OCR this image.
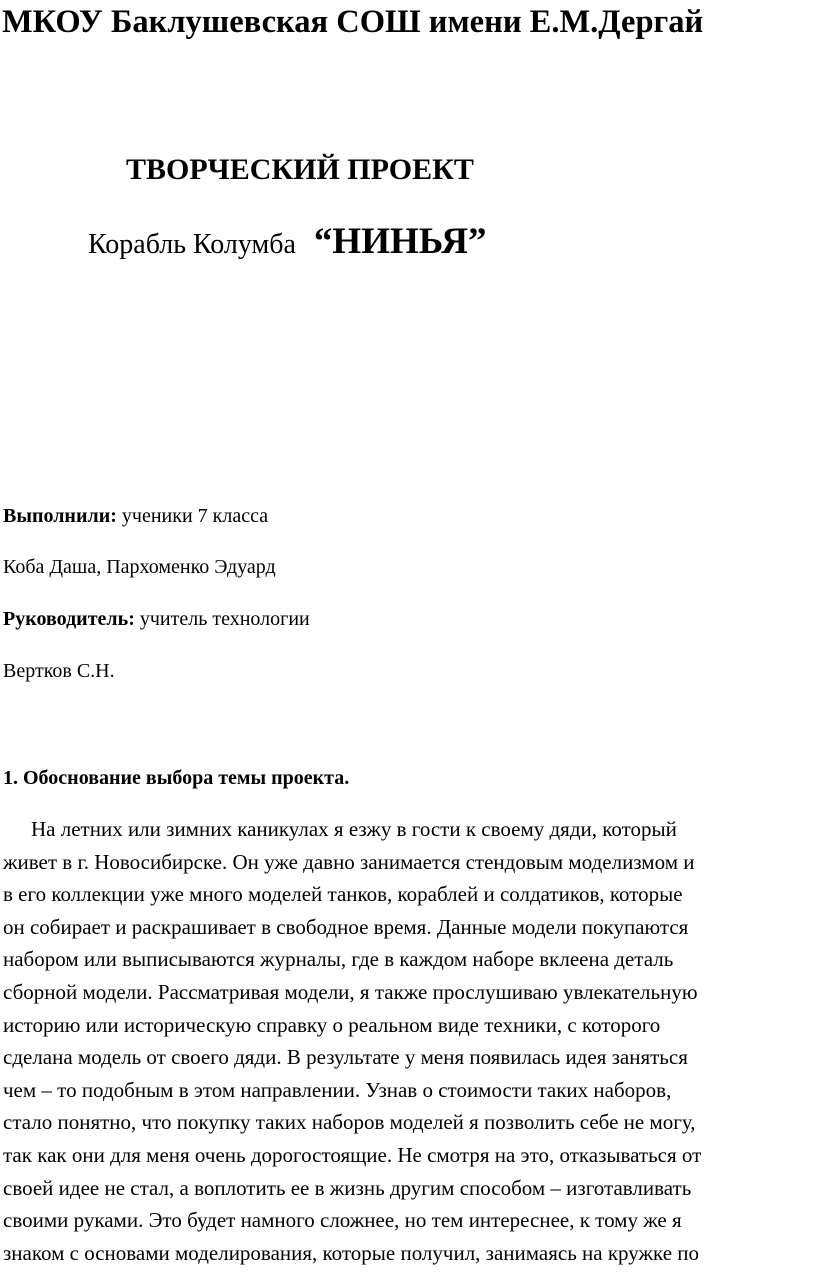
МКОУ Баклушевская СОШ имени Е.М.Дергай
ТВОРЧЕСКИЙ ПРОЕКТ
Корабль Колумба “НИНЬЯ”
Выполнили: ученики 7 класса
Коба Даша, Пархоменко Эдуард
Руководитель: учитель технологии
Вертков С.Н.
1. Обоснование выбора темы проекта.
На летних или зимних каникулах я езжу в гости к своему дяди, который
живет в г. Новосибирске. Он уже давно занимается стендовым моделизмом и
в его коллекции уже много моделей танков, кораблей и солдатиков, которые
он собирает и раскрашивает в свободное время. Данные модели покупаются
набором или выписываются журналы, где в каждом наборе вклеена деталь
сборной модели. Рассматривая модели, я также прослушиваю увлекательную
историю или историческую справку о реальном виде техники, с которого
сделана модель от своего дяди. В результате у меня появилась идея заняться
чем – то подобным в этом направлении. Узнав о стоимости таких наборов,
стало понятно, что покупку таких наборов моделей я позволить себе не могу,
так как они для меня очень дорогостоящие. Не смотря на это, отказываться от
своей идее не стал, а воплотить ее в жизнь другим способом – изготавливать
своими руками. Это будет намного сложнее, но тем интереснее, к тому же я
знаком с основами моделирования, которые получил, занимаясь на кружке по
